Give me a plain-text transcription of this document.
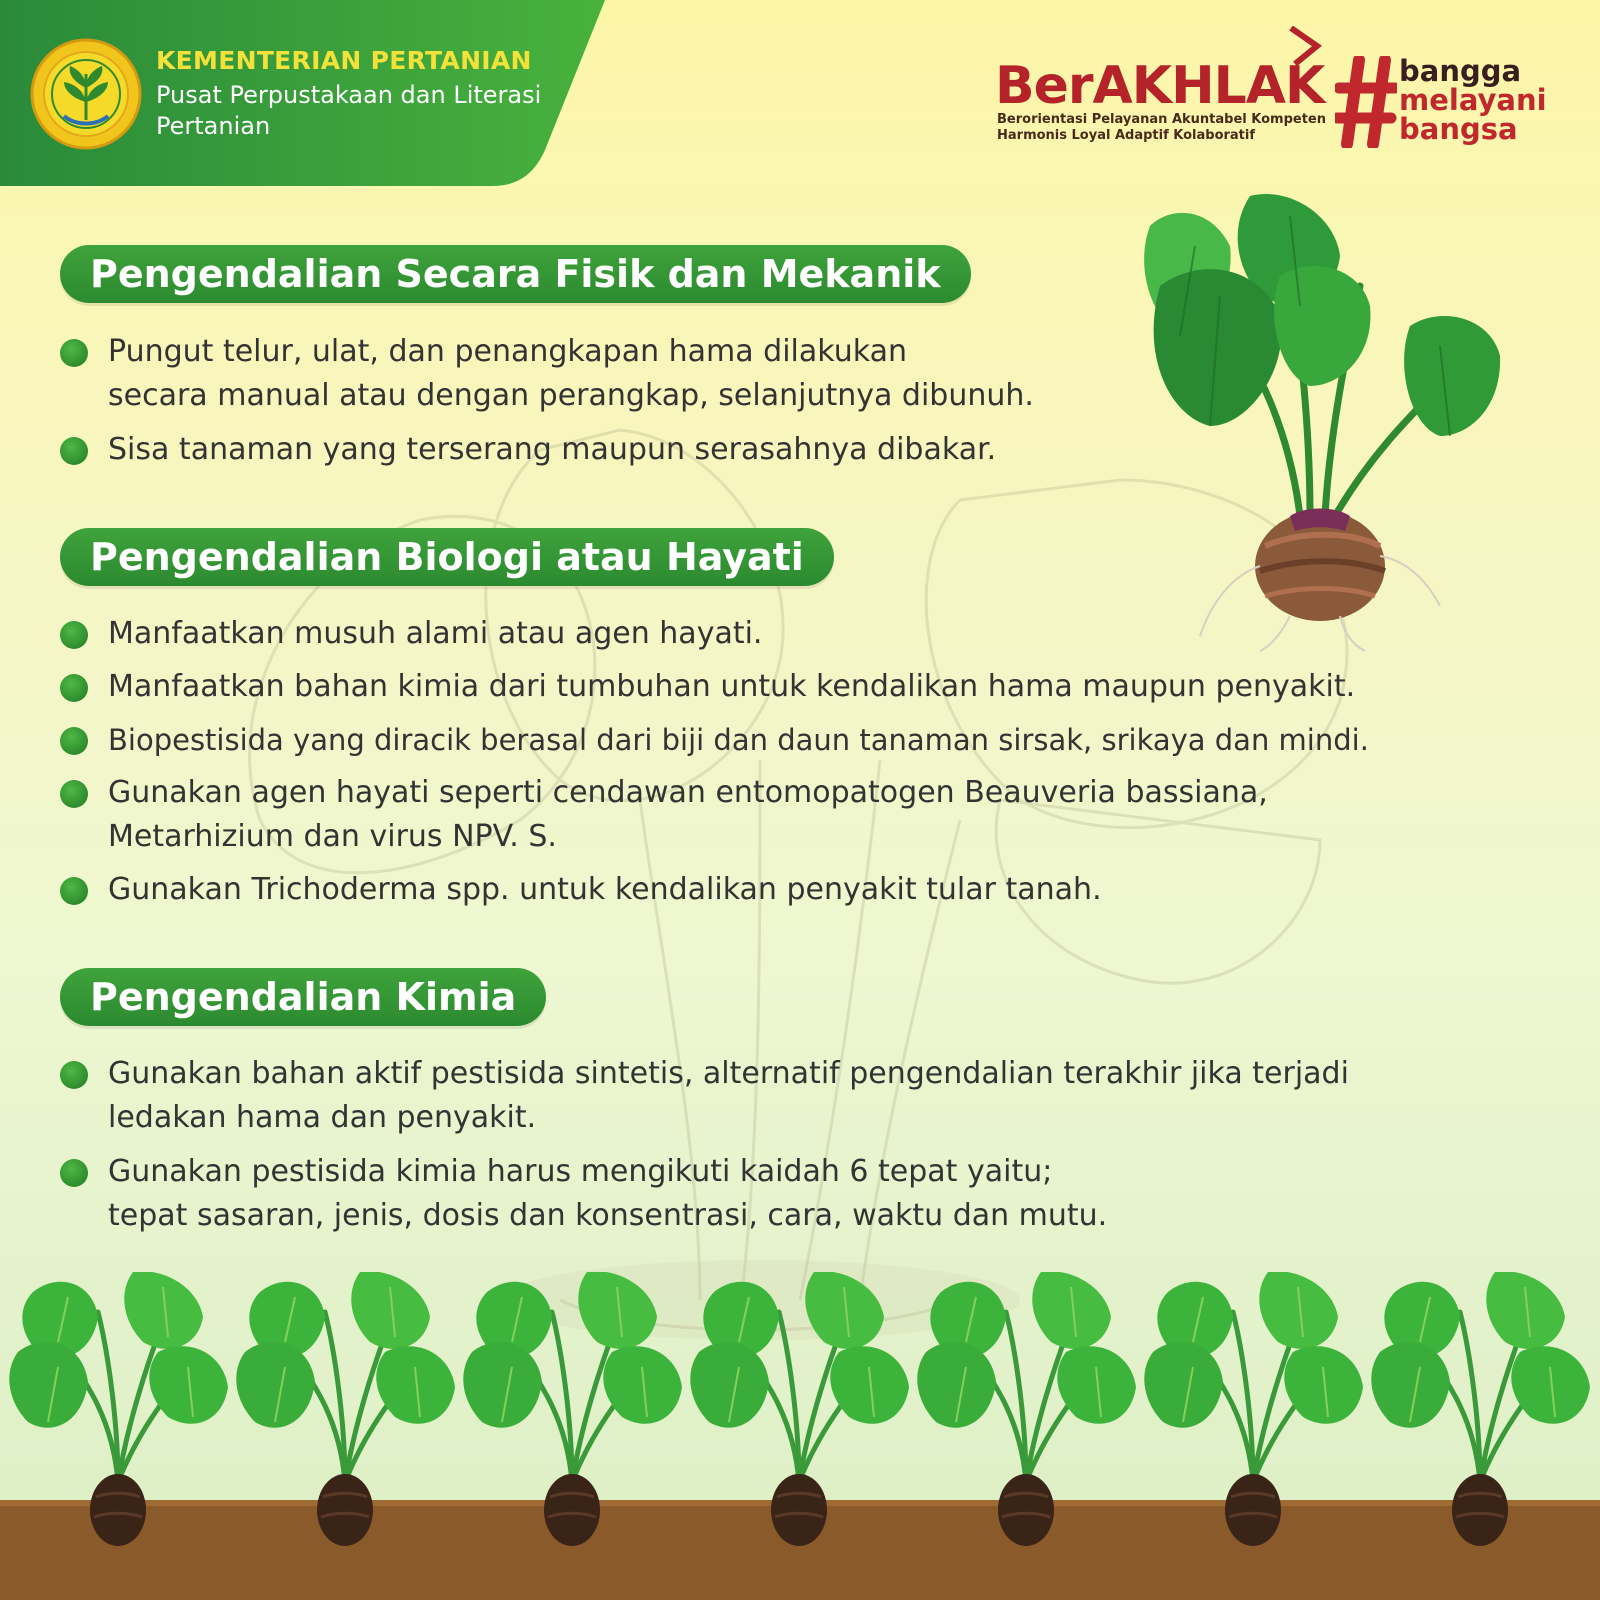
KEMENTERIAN PERTANIAN
Pusat Perpustakaan dan Literasi Pertanian
BerAKHLAK
Berorientasi Pelayanan Akuntabel Kompeten
Harmonis Loyal Adaptif Kolaboratif
bangga
melayani
bangsa
Pengendalian Secara Fisik dan Mekanik
Pungut telur, ulat, dan penangkapan hama dilakukan
secara manual atau dengan perangkap, selanjutnya dibunuh.
Sisa tanaman yang terserang maupun serasahnya dibakar.
Pengendalian Biologi atau Hayati
Manfaatkan musuh alami atau agen hayati.
Manfaatkan bahan kimia dari tumbuhan untuk kendalikan hama maupun penyakit.
Biopestisida yang diracik berasal dari biji dan daun tanaman sirsak, srikaya dan mindi.
Gunakan agen hayati seperti cendawan entomopatogen Beauveria bassiana,
Metarhizium dan virus NPV. S.
Gunakan Trichoderma spp. untuk kendalikan penyakit tular tanah.
Pengendalian Kimia
Gunakan bahan aktif pestisida sintetis, alternatif pengendalian terakhir jika terjadi
ledakan hama dan penyakit.
Gunakan pestisida kimia harus mengikuti kaidah 6 tepat yaitu;
tepat sasaran, jenis, dosis dan konsentrasi, cara, waktu dan mutu.
